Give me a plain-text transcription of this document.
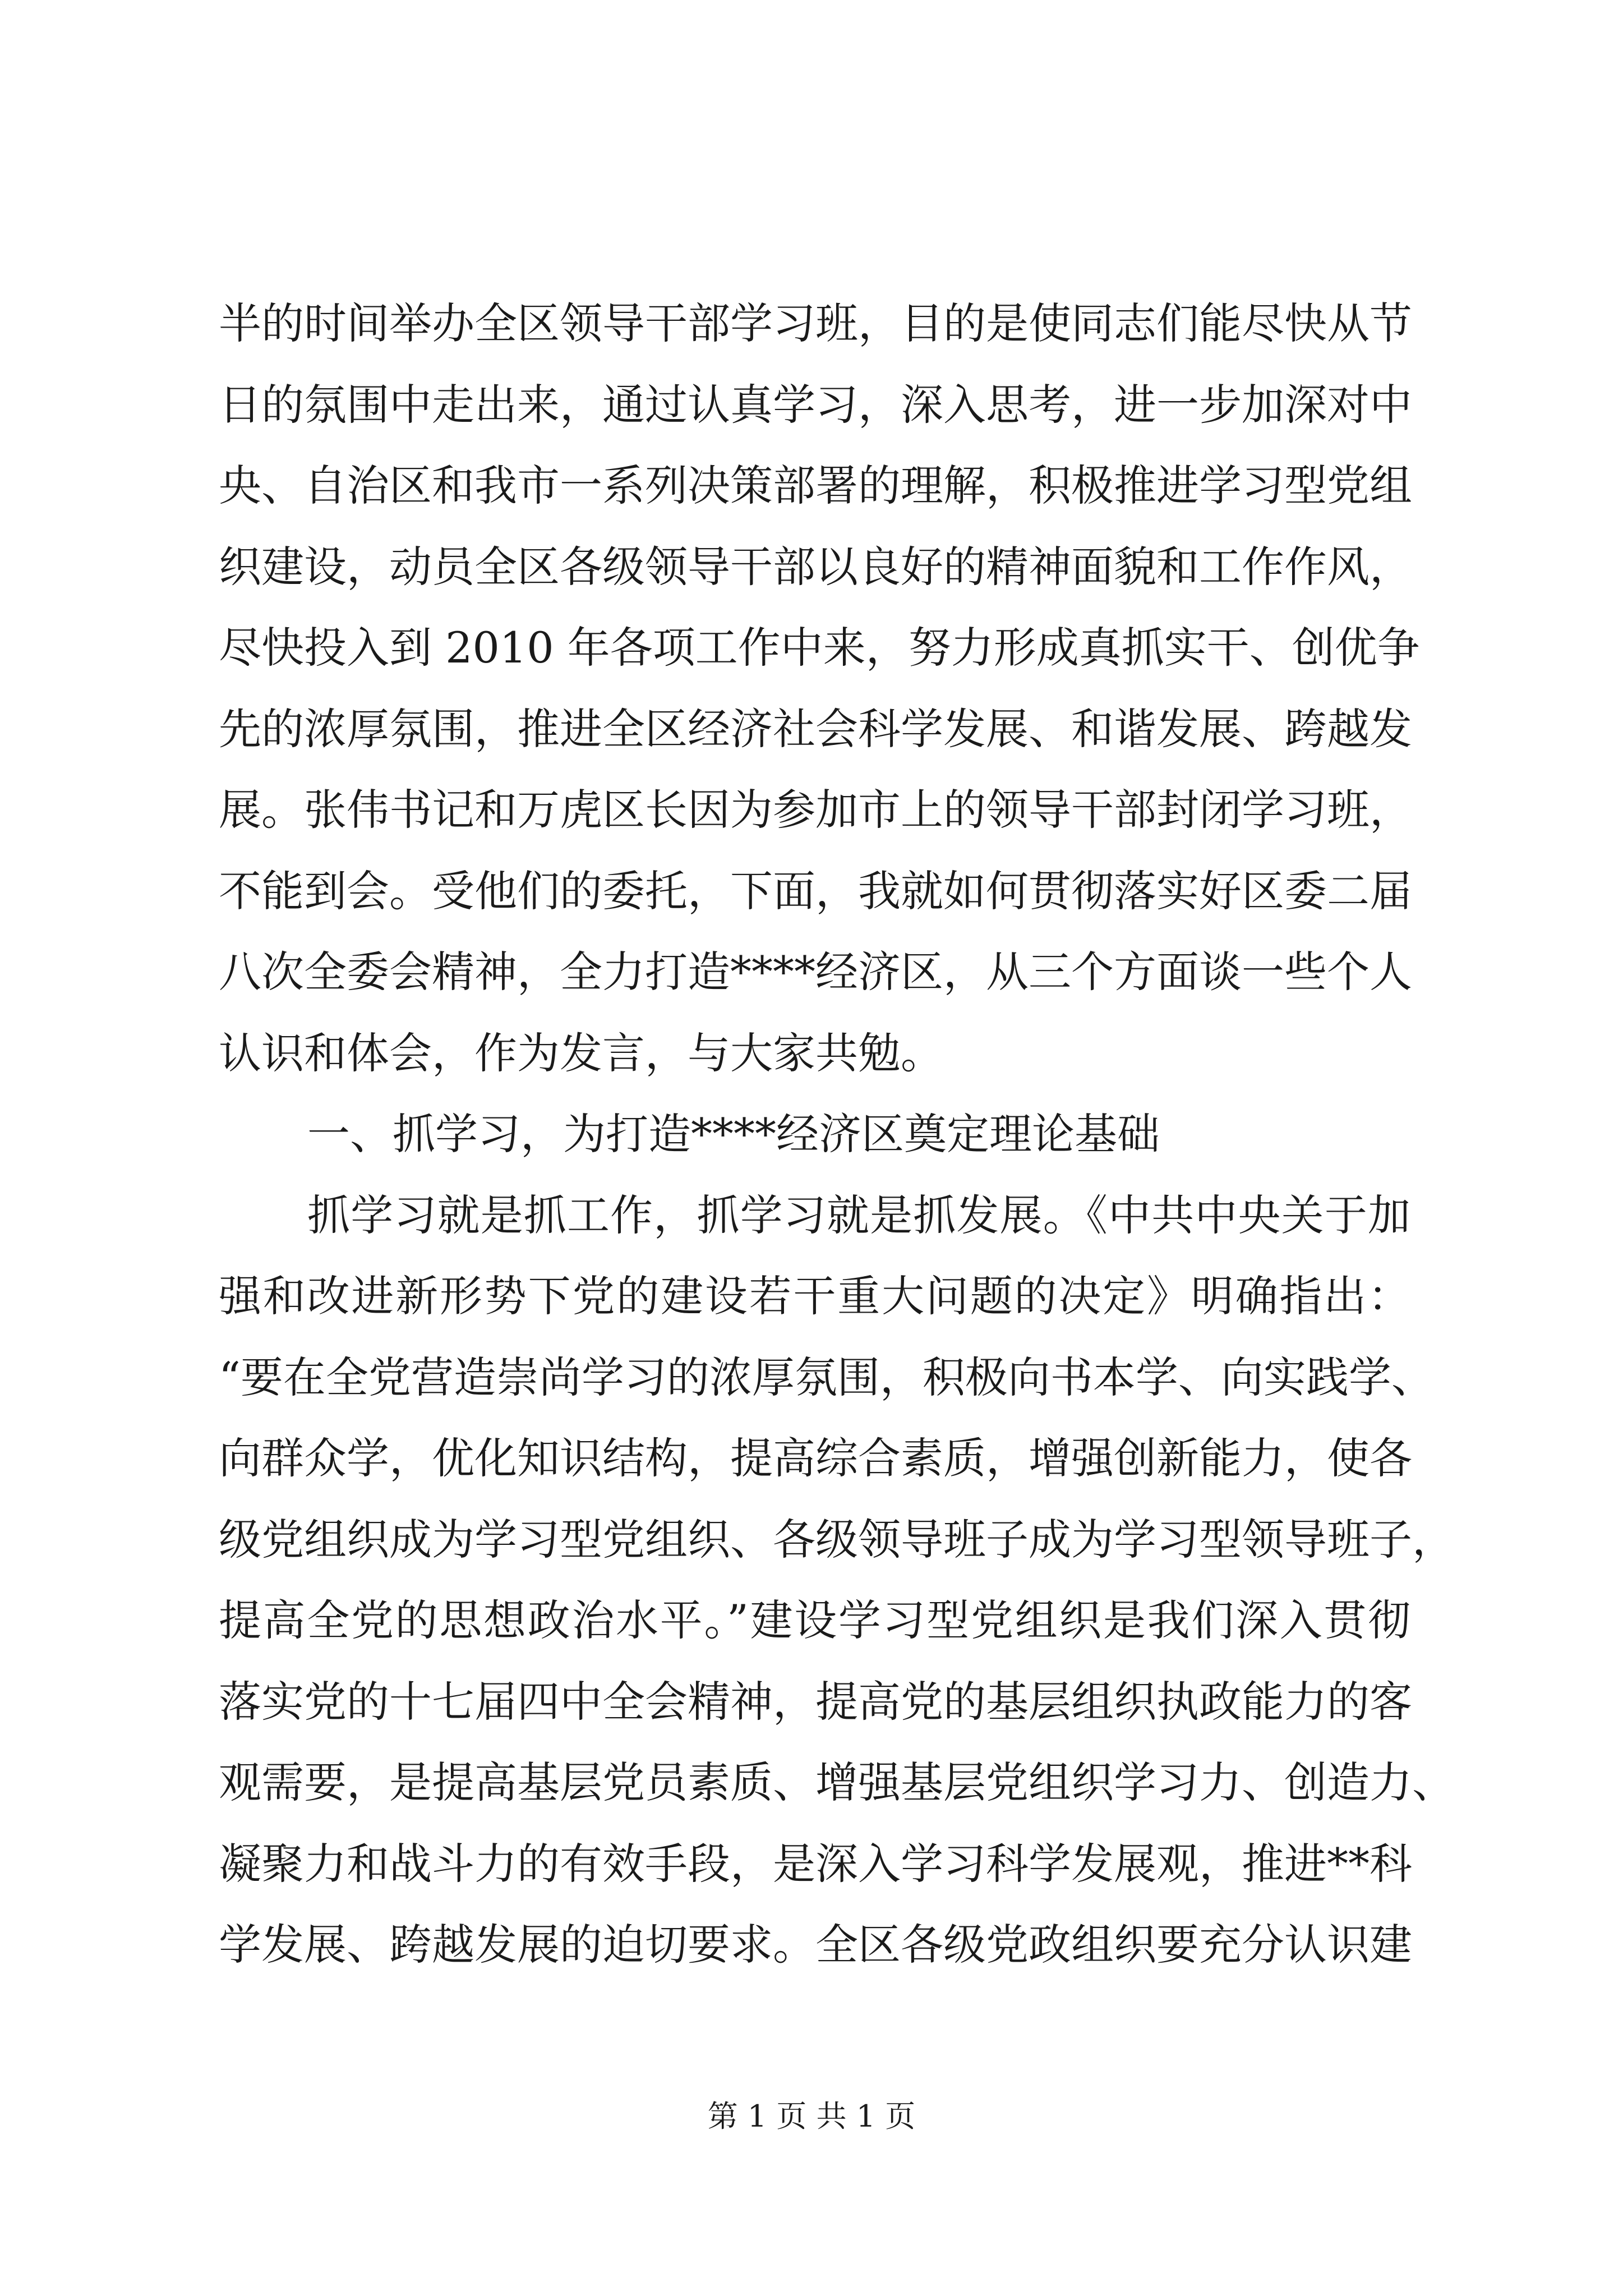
半的时间举办全区领导干部学习班，目的是使同志们能尽快从节
日的氛围中走出来，通过认真学习，深入思考，进一步加深对中
央、自治区和我市一系列决策部署的理解，积极推进学习型党组
织建设，动员全区各级领导干部以良好的精神面貌和工作作风，
尽快投入到 2010 年各项工作中来，努力形成真抓实干、创优争
先的浓厚氛围，推进全区经济社会科学发展、和谐发展、跨越发
展。张伟书记和万虎区长因为参加市上的领导干部封闭学习班，
不能到会。受他们的委托，下面，我就如何贯彻落实好区委二届
八次全委会精神，全力打造****经济区，从三个方面谈一些个人
认识和体会，作为发言，与大家共勉。
一、抓学习，为打造****经济区奠定理论基础
抓学习就是抓工作，抓学习就是抓发展。《中共中央关于加
强和改进新形势下党的建设若干重大问题的决定》明确指出：
“要在全党营造崇尚学习的浓厚氛围，积极向书本学、向实践学、
向群众学，优化知识结构，提高综合素质，增强创新能力，使各
级党组织成为学习型党组织、各级领导班子成为学习型领导班子，
提高全党的思想政治水平。”建设学习型党组织是我们深入贯彻
落实党的十七届四中全会精神，提高党的基层组织执政能力的客
观需要，是提高基层党员素质、增强基层党组织学习力、创造力、
凝聚力和战斗力的有效手段，是深入学习科学发展观，推进**科
学发展、跨越发展的迫切要求。全区各级党政组织要充分认识建
第 1 页 共 1 页
